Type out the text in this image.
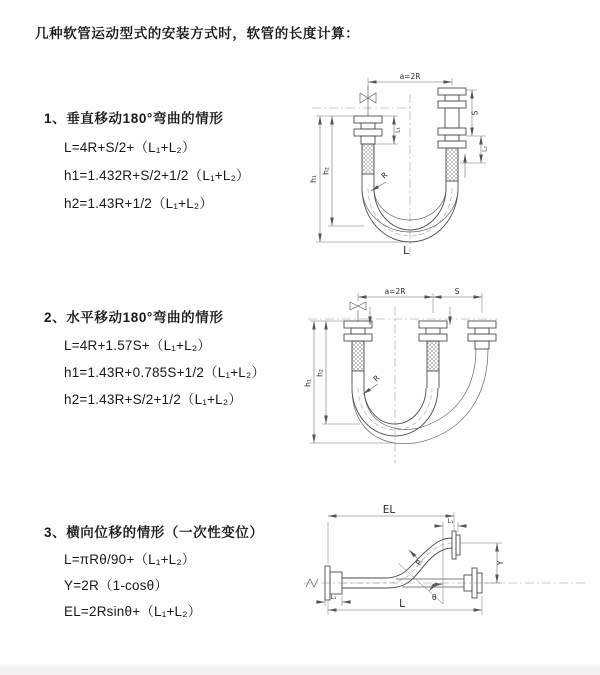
几种软管运动型式的安装方式时，软管的长度计算：
1、垂直移动180°弯曲的情形
L=4R+S/2+（L₁+L₂）
h1=1.432R+S/2+1/2（L₁+L₂）
h2=1.43R+1/2（L₁+L₂）
a=2R
h₁
h₂
L₁
S
L₂
R
L
2、水平移动180°弯曲的情形
L=4R+1.57S+（L₁+L₂）
h1=1.43R+0.785S+1/2（L₁+L₂）
h2=1.43R+S/2+1/2（L₁+L₂）
a=2R	S
h₁
h₂
R
3、横向位移的情形（一次性变位）
L=πRθ/90+（L₁+L₂）
Y=2R（1-cosθ）
EL=2Rsinθ+（L₁+L₂）
θ
R
EL
L₁
Y
L
L₁
